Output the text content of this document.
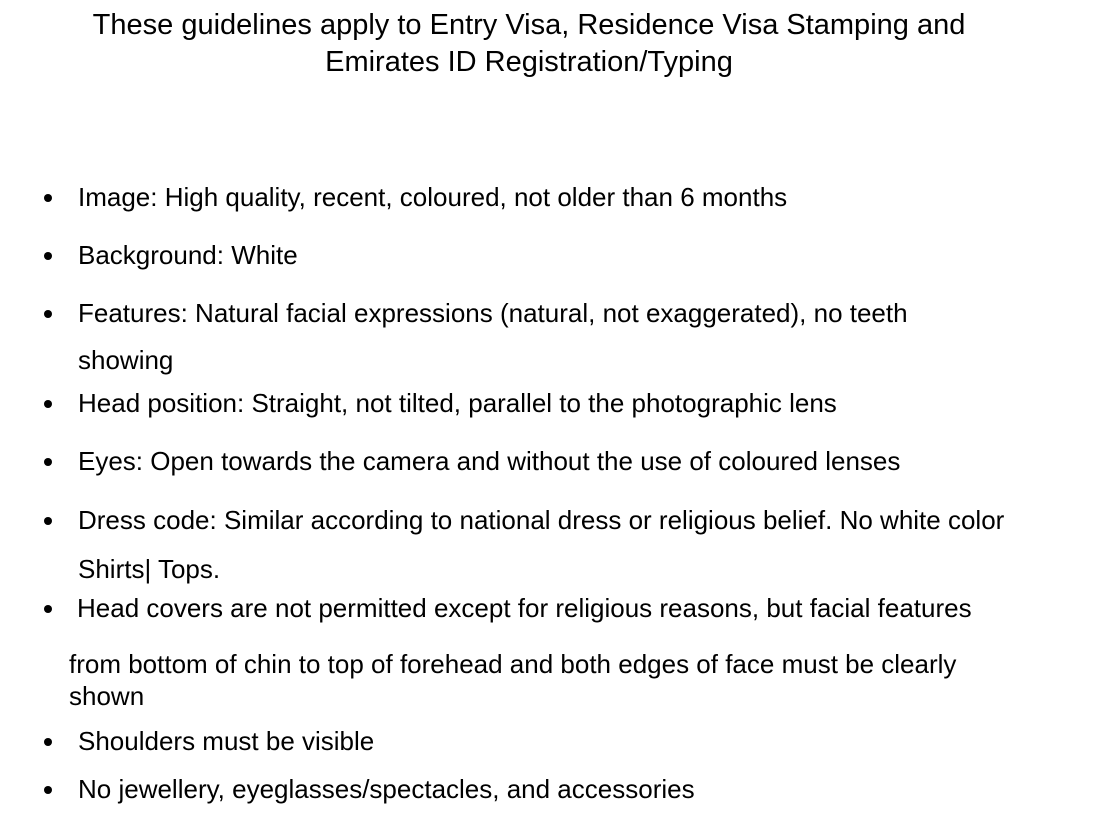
These guidelines apply to Entry Visa, Residence Visa Stamping and
Emirates ID Registration/Typing
Image: High quality, recent, coloured, not older than 6 months
Background: White
Features: Natural facial expressions (natural, not exaggerated), no teeth
showing
Head position: Straight, not tilted, parallel to the photographic lens
Eyes: Open towards the camera and without the use of coloured lenses
Dress code: Similar according to national dress or religious belief. No white color
Shirts| Tops.
Head covers are not permitted except for religious reasons, but facial features
from bottom of chin to top of forehead and both edges of face must be clearly
shown
Shoulders must be visible
No jewellery, eyeglasses/spectacles, and accessories
